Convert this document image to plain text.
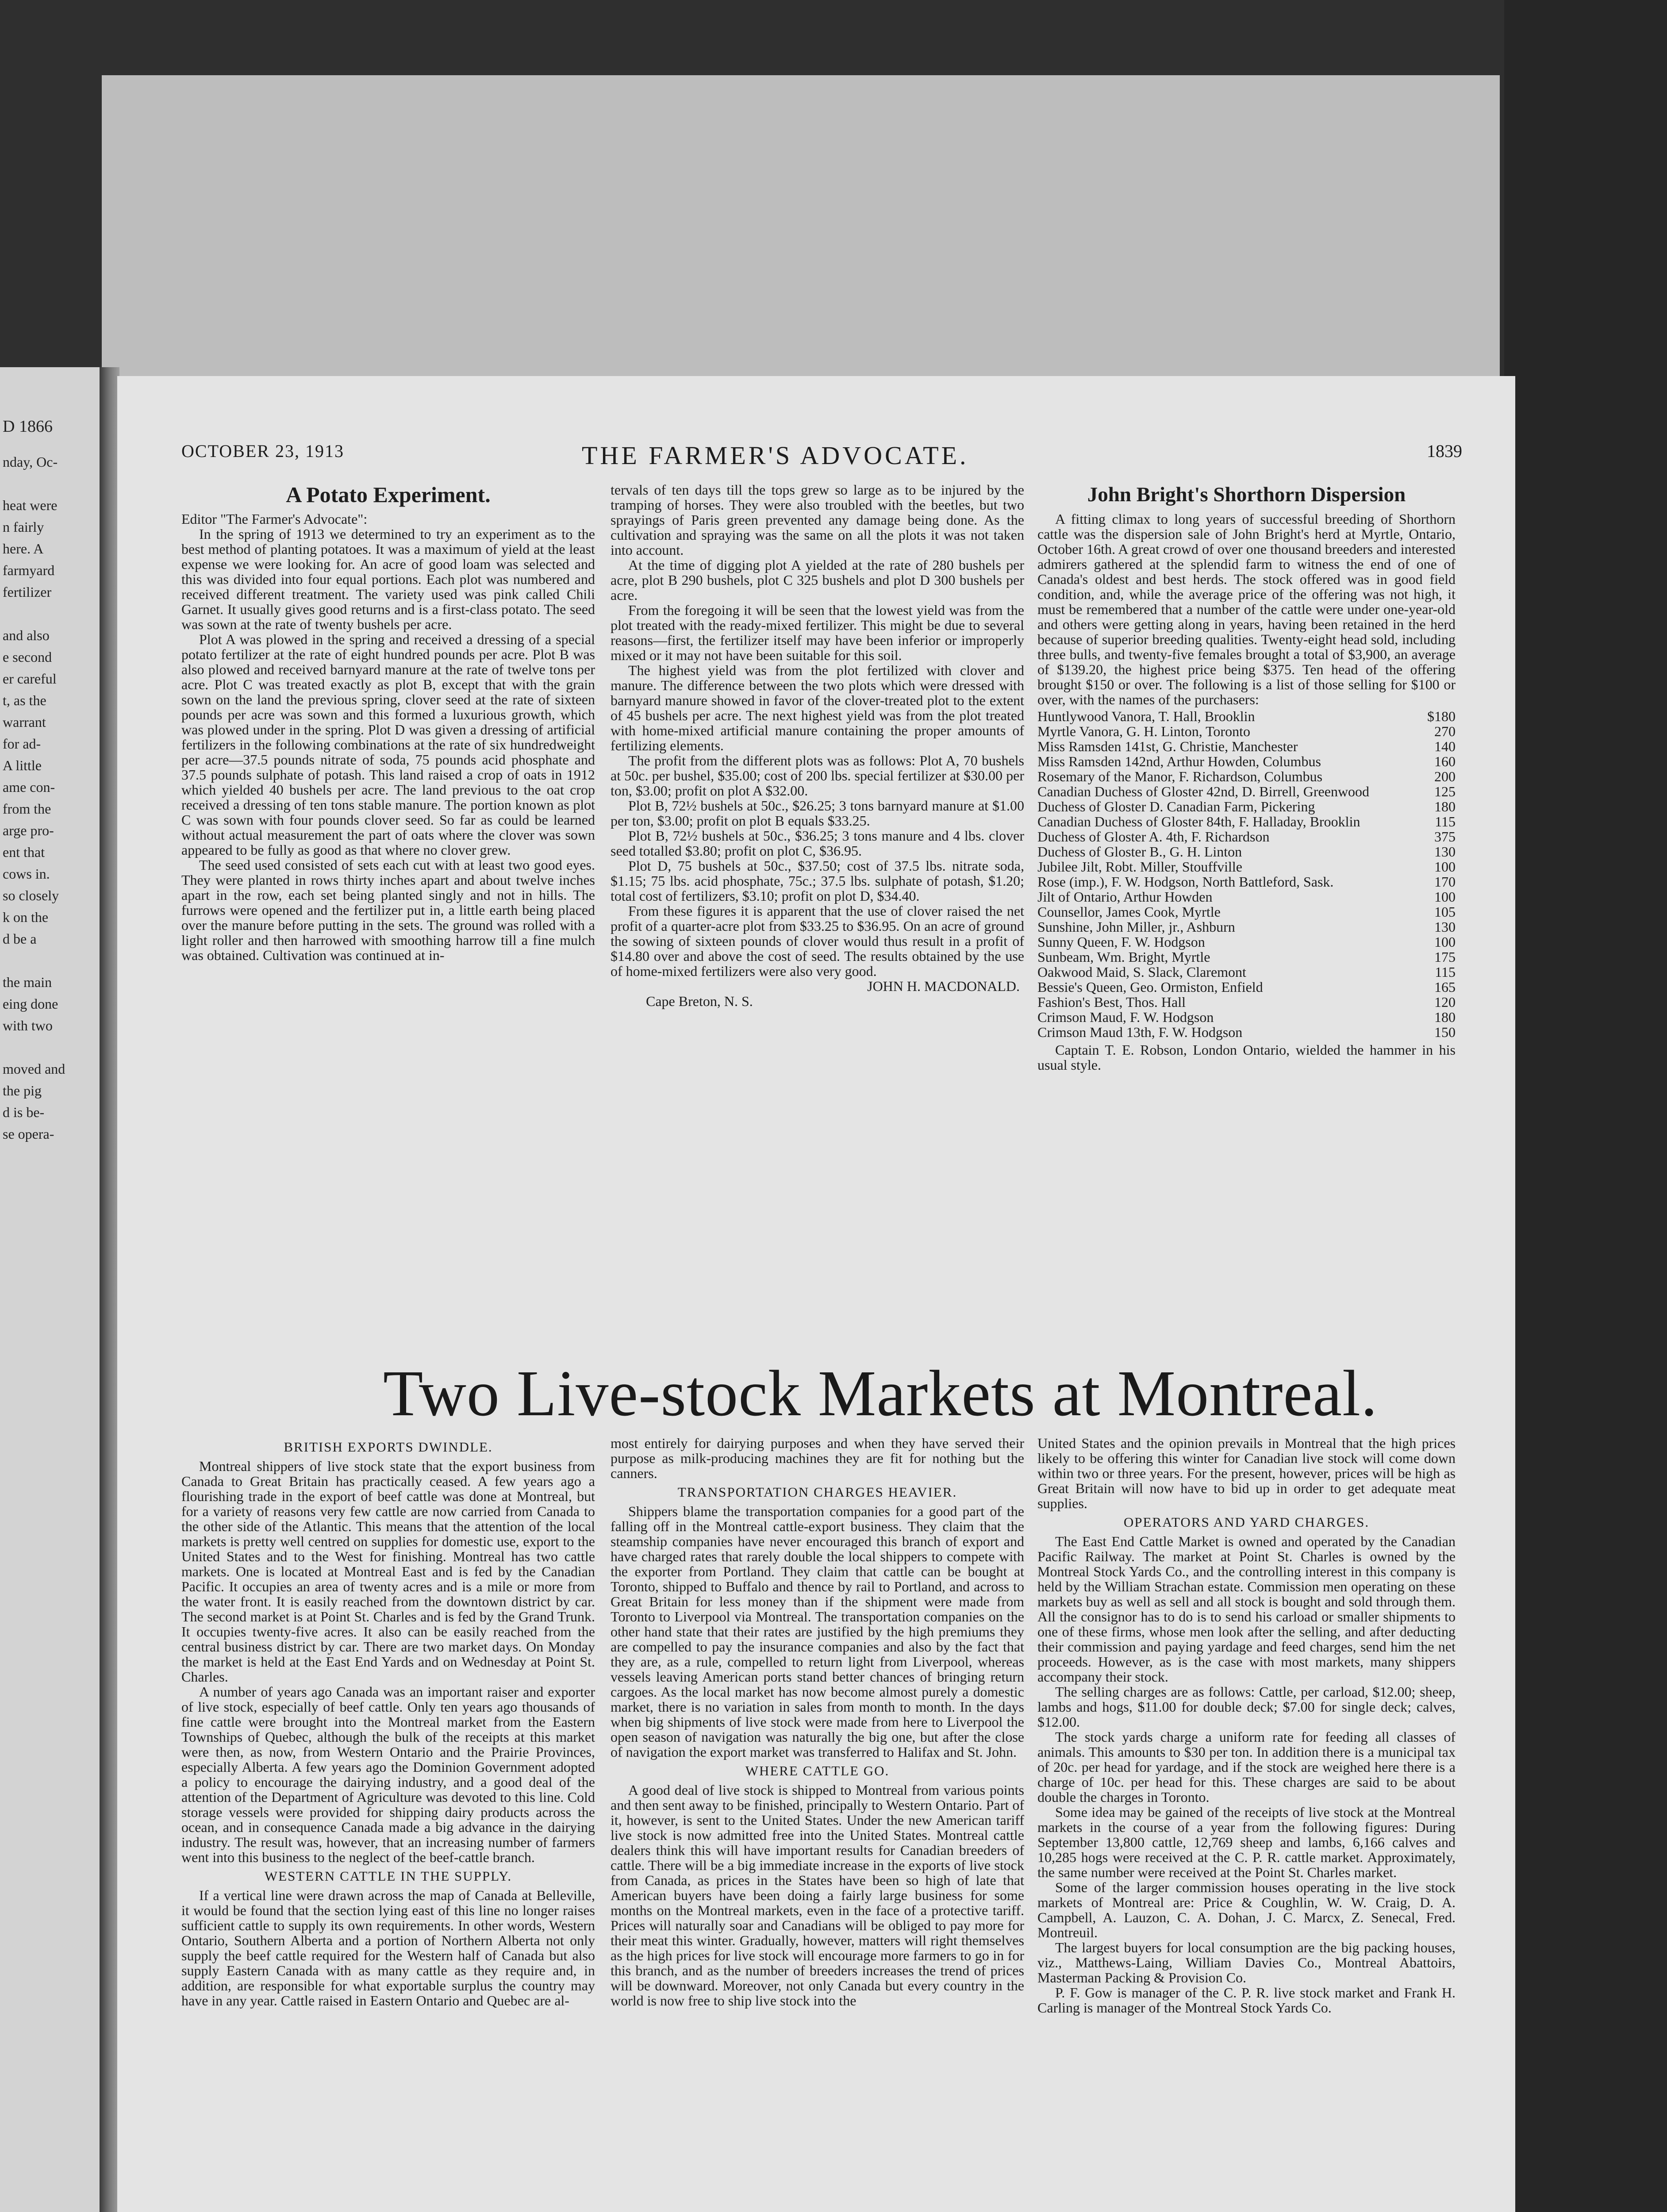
D 1866
nday, Oc-
heat were
n fairly
here. A
farmyard
fertilizer
and also
e second
er careful
t, as the
warrant
for ad-
A little
ame con-
from the
arge pro-
ent that
cows in.
so closely
k on the
d be a
the main
eing done
with two
moved and
the pig
d is be-
se opera-
OCTOBER 23, 1913	THE FARMER'S ADVOCATE.	1839
A Potato Experiment.

Editor "The Farmer's Advocate":

In the spring of 1913 we determined to try an experiment as to the best method of planting potatoes. It was a maximum of yield at the least expense we were looking for. An acre of good loam was selected and this was divided into four equal portions. Each plot was numbered and received different treatment. The variety used was pink called Chili Garnet. It usually gives good returns and is a first-class potato. The seed was sown at the rate of twenty bushels per acre.

Plot A was plowed in the spring and received a dressing of a special potato fertilizer at the rate of eight hundred pounds per acre. Plot B was also plowed and received barnyard manure at the rate of twelve tons per acre. Plot C was treated exactly as plot B, except that with the grain sown on the land the previous spring, clover seed at the rate of sixteen pounds per acre was sown and this formed a luxurious growth, which was plowed under in the spring. Plot D was given a dressing of artificial fertilizers in the following combinations at the rate of six hundredweight per acre—37.5 pounds nitrate of soda, 75 pounds acid phosphate and 37.5 pounds sulphate of potash. This land raised a crop of oats in 1912 which yielded 40 bushels per acre. The land previous to the oat crop received a dressing of ten tons stable manure. The portion known as plot C was sown with four pounds clover seed. So far as could be learned without actual measurement the part of oats where the clover was sown appeared to be fully as good as that where no clover grew.

The seed used consisted of sets each cut with at least two good eyes. They were planted in rows thirty inches apart and about twelve inches apart in the row, each set being planted singly and not in hills. The furrows were opened and the fertilizer put in, a little earth being placed over the manure before putting in the sets. The ground was rolled with a light roller and then harrowed with smoothing harrow till a fine mulch was obtained. Cultivation was continued at in-

tervals of ten days till the tops grew so large as to be injured by the tramping of horses. They were also troubled with the beetles, but two sprayings of Paris green prevented any damage being done. As the cultivation and spraying was the same on all the plots it was not taken into account.

At the time of digging plot A yielded at the rate of 280 bushels per acre, plot B 290 bushels, plot C 325 bushels and plot D 300 bushels per acre.

From the foregoing it will be seen that the lowest yield was from the plot treated with the ready-mixed fertilizer. This might be due to several reasons—first, the fertilizer itself may have been inferior or improperly mixed or it may not have been suitable for this soil.

The highest yield was from the plot fertilized with clover and manure. The difference between the two plots which were dressed with barnyard manure showed in favor of the clover-treated plot to the extent of 45 bushels per acre. The next highest yield was from the plot treated with home-mixed artificial manure containing the proper amounts of fertilizing elements.

The profit from the different plots was as follows: Plot A, 70 bushels at 50c. per bushel, $35.00; cost of 200 lbs. special fertilizer at $30.00 per ton, $3.00; profit on plot A $32.00.

Plot B, 72½ bushels at 50c., $26.25; 3 tons barnyard manure at $1.00 per ton, $3.00; profit on plot B equals $33.25.

Plot B, 72½ bushels at 50c., $36.25; 3 tons manure and 4 lbs. clover seed totalled $3.80; profit on plot C, $36.95.

Plot D, 75 bushels at 50c., $37.50; cost of 37.5 lbs. nitrate soda, $1.15; 75 lbs. acid phosphate, 75c.; 37.5 lbs. sulphate of potash, $1.20; total cost of fertilizers, $3.10; profit on plot D, $34.40.

From these figures it is apparent that the use of clover raised the net profit of a quarter-acre plot from $33.25 to $36.95. On an acre of ground the sowing of sixteen pounds of clover would thus result in a profit of $14.80 over and above the cost of seed. The results obtained by the use of home-mixed fertilizers were also very good.

JOHN H. MACDONALD.

Cape Breton, N. S.

John Bright's Shorthorn Dispersion

A fitting climax to long years of successful breeding of Shorthorn cattle was the dispersion sale of John Bright's herd at Myrtle, Ontario, October 16th. A great crowd of over one thousand breeders and interested admirers gathered at the splendid farm to witness the end of one of Canada's oldest and best herds. The stock offered was in good field condition, and, while the average price of the offering was not high, it must be remembered that a number of the cattle were under one-year-old and others were getting along in years, having been retained in the herd because of superior breeding qualities. Twenty-eight head sold, including three bulls, and twenty-five females brought a total of $3,900, an average of $139.20, the highest price being $375. Ten head of the offering brought $150 or over. The following is a list of those selling for $100 or over, with the names of the purchasers:

Huntlywood Vanora, T. Hall, Brooklin	$180
Myrtle Vanora, G. H. Linton, Toronto	270
Miss Ramsden 141st, G. Christie, Manchester	140
Miss Ramsden 142nd, Arthur Howden, Columbus	160
Rosemary of the Manor, F. Richardson, Columbus	200
Canadian Duchess of Gloster 42nd, D. Birrell, Greenwood	125
Duchess of Gloster D. Canadian Farm, Pickering	180
Canadian Duchess of Gloster 84th, F. Halladay, Brooklin	115
Duchess of Gloster A. 4th, F. Richardson	375
Duchess of Gloster B., G. H. Linton	130
Jubilee Jilt, Robt. Miller, Stouffville	100
Rose (imp.), F. W. Hodgson, North Battleford, Sask.	170
Jilt of Ontario, Arthur Howden	100
Counsellor, James Cook, Myrtle	105
Sunshine, John Miller, jr., Ashburn	130
Sunny Queen, F. W. Hodgson	100
Sunbeam, Wm. Bright, Myrtle	175
Oakwood Maid, S. Slack, Claremont	115
Bessie's Queen, Geo. Ormiston, Enfield	165
Fashion's Best, Thos. Hall	120
Crimson Maud, F. W. Hodgson	180
Crimson Maud 13th, F. W. Hodgson	150

Captain T. E. Robson, London Ontario, wielded the hammer in his usual style.

Two Live-stock Markets at Montreal.
BRITISH EXPORTS DWINDLE.

Montreal shippers of live stock state that the export business from Canada to Great Britain has practically ceased. A few years ago a flourishing trade in the export of beef cattle was done at Montreal, but for a variety of reasons very few cattle are now carried from Canada to the other side of the Atlantic. This means that the attention of the local markets is pretty well centred on supplies for domestic use, export to the United States and to the West for finishing. Montreal has two cattle markets. One is located at Montreal East and is fed by the Canadian Pacific. It occupies an area of twenty acres and is a mile or more from the water front. It is easily reached from the downtown district by car. The second market is at Point St. Charles and is fed by the Grand Trunk. It occupies twenty-five acres. It also can be easily reached from the central business district by car. There are two market days. On Monday the market is held at the East End Yards and on Wednesday at Point St. Charles.

A number of years ago Canada was an important raiser and exporter of live stock, especially of beef cattle. Only ten years ago thousands of fine cattle were brought into the Montreal market from the Eastern Townships of Quebec, although the bulk of the receipts at this market were then, as now, from Western Ontario and the Prairie Provinces, especially Alberta. A few years ago the Dominion Government adopted a policy to encourage the dairying industry, and a good deal of the attention of the Department of Agriculture was devoted to this line. Cold storage vessels were provided for shipping dairy products across the ocean, and in consequence Canada made a big advance in the dairying industry. The result was, however, that an increasing number of farmers went into this business to the neglect of the beef-cattle branch.

WESTERN CATTLE IN THE SUPPLY.

If a vertical line were drawn across the map of Canada at Belleville, it would be found that the section lying east of this line no longer raises sufficient cattle to supply its own requirements. In other words, Western Ontario, Southern Alberta and a portion of Northern Alberta not only supply the beef cattle required for the Western half of Canada but also supply Eastern Canada with as many cattle as they require and, in addition, are responsible for what exportable surplus the country may have in any year. Cattle raised in Eastern Ontario and Quebec are al-

most entirely for dairying purposes and when they have served their purpose as milk-producing machines they are fit for nothing but the canners.

TRANSPORTATION CHARGES HEAVIER.

Shippers blame the transportation companies for a good part of the falling off in the Montreal cattle-export business. They claim that the steamship companies have never encouraged this branch of export and have charged rates that rarely double the local shippers to compete with the exporter from Portland. They claim that cattle can be bought at Toronto, shipped to Buffalo and thence by rail to Portland, and across to Great Britain for less money than if the shipment were made from Toronto to Liverpool via Montreal. The transportation companies on the other hand state that their rates are justified by the high premiums they are compelled to pay the insurance companies and also by the fact that they are, as a rule, compelled to return light from Liverpool, whereas vessels leaving American ports stand better chances of bringing return cargoes. As the local market has now become almost purely a domestic market, there is no variation in sales from month to month. In the days when big shipments of live stock were made from here to Liverpool the open season of navigation was naturally the big one, but after the close of navigation the export market was transferred to Halifax and St. John.

WHERE CATTLE GO.

A good deal of live stock is shipped to Montreal from various points and then sent away to be finished, principally to Western Ontario. Part of it, however, is sent to the United States. Under the new American tariff live stock is now admitted free into the United States. Montreal cattle dealers think this will have important results for Canadian breeders of cattle. There will be a big immediate increase in the exports of live stock from Canada, as prices in the States have been so high of late that American buyers have been doing a fairly large business for some months on the Montreal markets, even in the face of a protective tariff. Prices will naturally soar and Canadians will be obliged to pay more for their meat this winter. Gradually, however, matters will right themselves as the high prices for live stock will encourage more farmers to go in for this branch, and as the number of breeders increases the trend of prices will be downward. Moreover, not only Canada but every country in the world is now free to ship live stock into the

United States and the opinion prevails in Montreal that the high prices likely to be offering this winter for Canadian live stock will come down within two or three years. For the present, however, prices will be high as Great Britain will now have to bid up in order to get adequate meat supplies.

OPERATORS AND YARD CHARGES.

The East End Cattle Market is owned and operated by the Canadian Pacific Railway. The market at Point St. Charles is owned by the Montreal Stock Yards Co., and the controlling interest in this company is held by the William Strachan estate. Commission men operating on these markets buy as well as sell and all stock is bought and sold through them. All the consignor has to do is to send his carload or smaller shipments to one of these firms, whose men look after the selling, and after deducting their commission and paying yardage and feed charges, send him the net proceeds. However, as is the case with most markets, many shippers accompany their stock.

The selling charges are as follows: Cattle, per carload, $12.00; sheep, lambs and hogs, $11.00 for double deck; $7.00 for single deck; calves, $12.00.

The stock yards charge a uniform rate for feeding all classes of animals. This amounts to $30 per ton. In addition there is a municipal tax of 20c. per head for yardage, and if the stock are weighed here there is a charge of 10c. per head for this. These charges are said to be about double the charges in Toronto.

Some idea may be gained of the receipts of live stock at the Montreal markets in the course of a year from the following figures: During September 13,800 cattle, 12,769 sheep and lambs, 6,166 calves and 10,285 hogs were received at the C. P. R. cattle market. Approximately, the same number were received at the Point St. Charles market.

Some of the larger commission houses operating in the live stock markets of Montreal are: Price & Coughlin, W. W. Craig, D. A. Campbell, A. Lauzon, C. A. Dohan, J. C. Marcx, Z. Senecal, Fred. Montreuil.

The largest buyers for local consumption are the big packing houses, viz., Matthews-Laing, William Davies Co., Montreal Abattoirs, Masterman Packing & Provision Co.

P. F. Gow is manager of the C. P. R. live stock market and Frank H. Carling is manager of the Montreal Stock Yards Co.
